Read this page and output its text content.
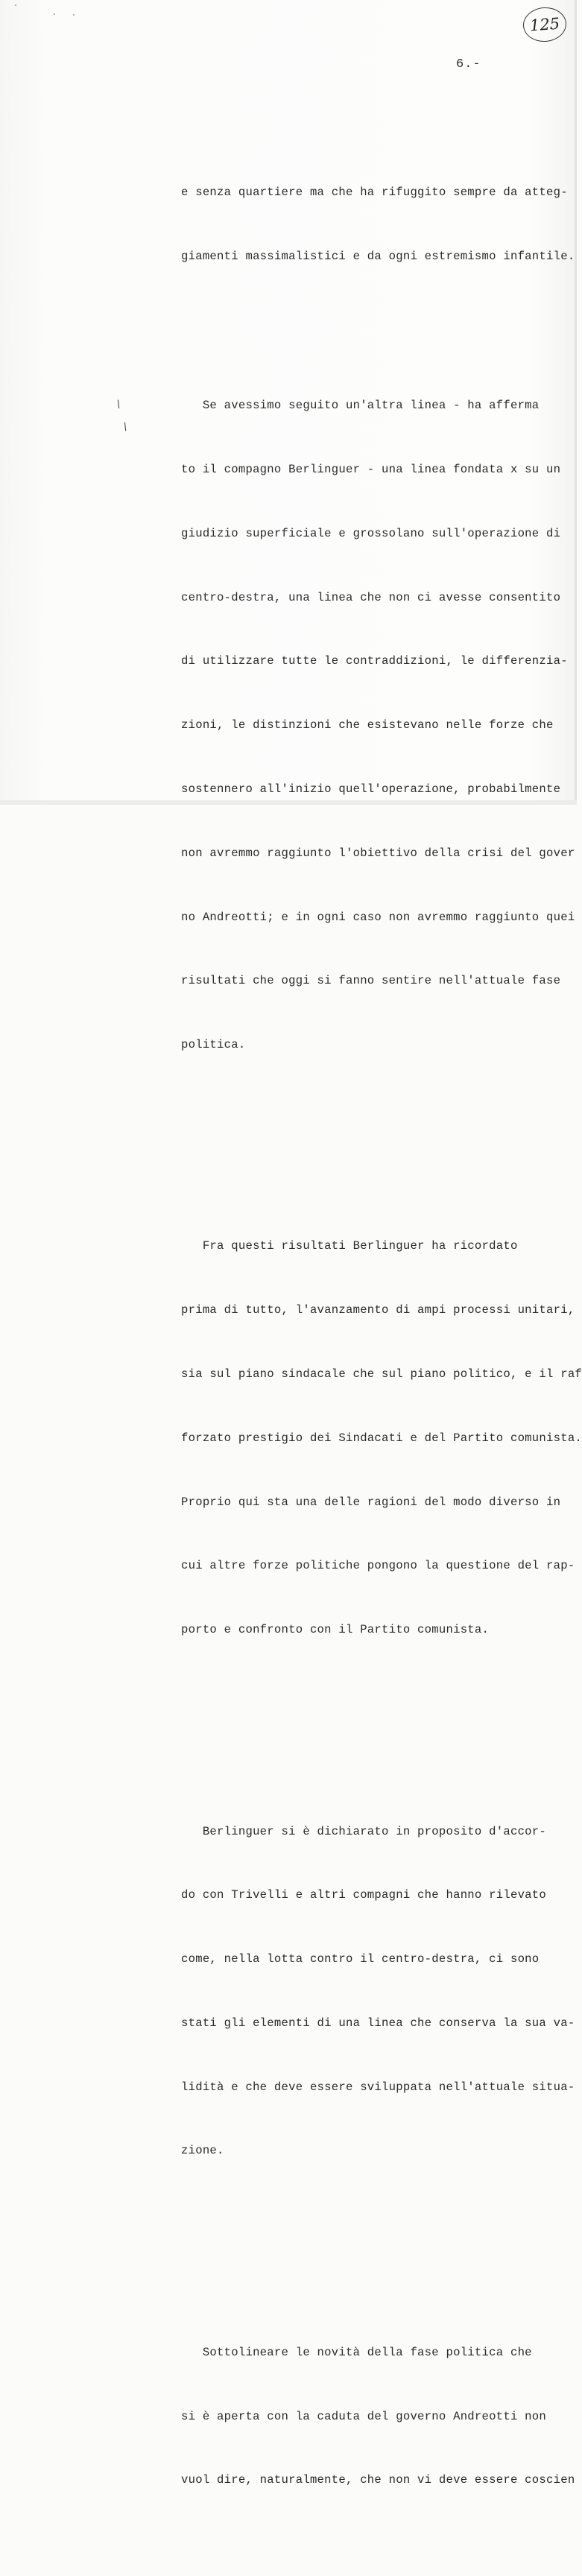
125
6.-
/
/

e senza quartiere ma che ha rifuggito sempre da atteg-

giamenti massimalistici e da ogni estremismo infantile.

Se avessimo seguito un'altra linea - ha afferma

to il compagno Berlinguer - una linea fondata x su un

giudizio superficiale e grossolano sull'operazione di

centro-destra, una linea che non ci avesse consentito

di utilizzare tutte le contraddizioni, le differenzia-

zioni, le distinzioni che esistevano nelle forze che

sostennero all'inizio quell'operazione, probabilmente

non avremmo raggiunto l'obiettivo della crisi del gover

no Andreotti; e in ogni caso non avremmo raggiunto quei

risultati che oggi si fanno sentire nell'attuale fase

politica.

Fra questi risultati Berlinguer ha ricordato

prima di tutto, l'avanzamento di ampi processi unitari,

sia sul piano sindacale che sul piano politico, e il raf

forzato prestigio dei Sindacati e del Partito comunista.

Proprio qui sta una delle ragioni del modo diverso in

cui altre forze politiche pongono la questione del rap-

porto e confronto con il Partito comunista.

Berlinguer si è dichiarato in proposito d'accor-

do con Trivelli e altri compagni che hanno rilevato

come, nella lotta contro il centro-destra, ci sono

stati gli elementi di una linea che conserva la sua va-

lidità e che deve essere sviluppata nell'attuale situa-

zione.

Sottolineare le novità della fase politica che

si è aperta con la caduta del governo Andreotti non

vuol dire, naturalmente, che non vi deve essere coscien
